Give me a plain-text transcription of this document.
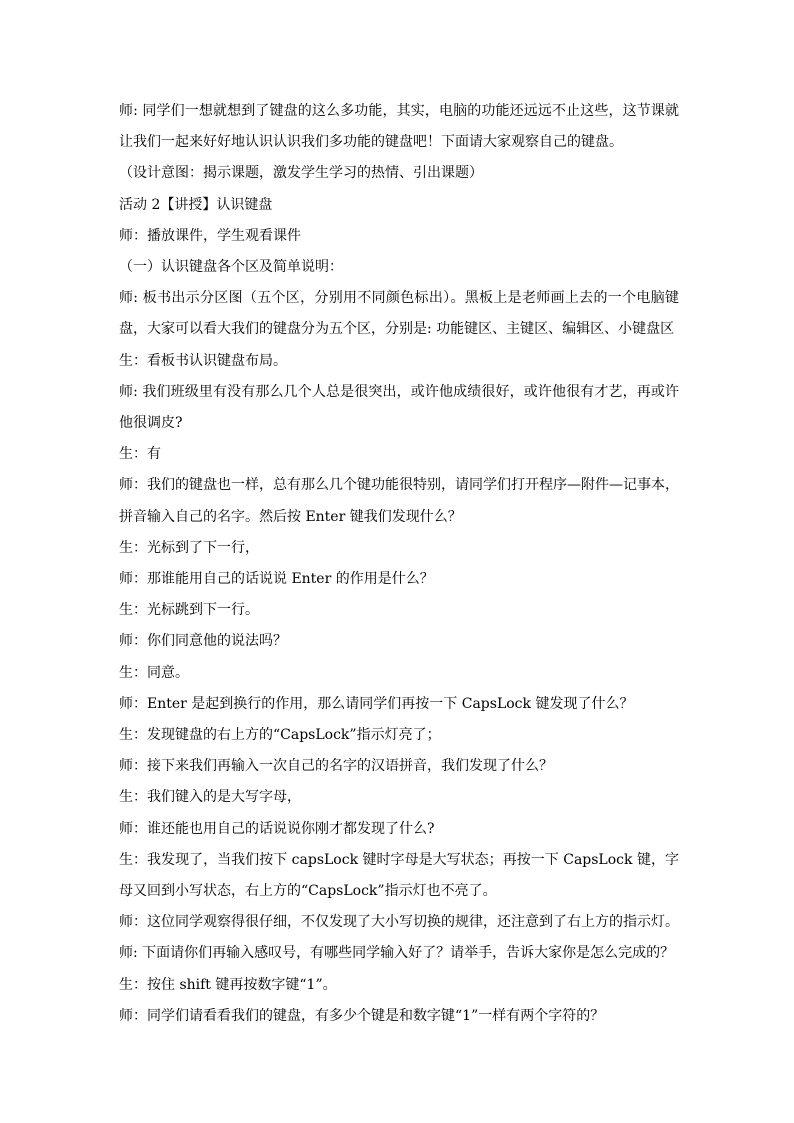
师: 同学们一想就想到了键盘的这么多功能，其实，电脑的功能还远远不止这些，这节课就让我们一起来好好地认识认识我们多功能的键盘吧！下面请大家观察自己的键盘。

（设计意图：揭示课题，激发学生学习的热情、引出课题）

活动 2【讲授】认识键盘

师：播放课件，学生观看课件

（一）认识键盘各个区及简单说明：

师: 板书出示分区图（五个区，分别用不同颜色标出）。黑板上是老师画上去的一个电脑键盘，大家可以看大我们的键盘分为五个区，分别是: 功能键区、主键区、编辑区、小键盘区

生：看板书认识键盘布局。

师: 我们班级里有没有那么几个人总是很突出，或许他成绩很好，或许他很有才艺，再或许他很调皮?

生：有

师：我们的键盘也一样，总有那么几个键功能很特别，请同学们打开程序—附件—记事本，拼音输入自己的名字。然后按 Enter 键我们发现什么？

生：光标到了下一行，

师：那谁能用自己的话说说 Enter 的作用是什么？

生：光标跳到下一行。

师：你们同意他的说法吗？

生：同意。

师：Enter 是起到换行的作用，那么请同学们再按一下 CapsLock 键发现了什么？

生：发现键盘的右上方的“CapsLock”指示灯亮了；

师：接下来我们再输入一次自己的名字的汉语拼音，我们发现了什么？

生：我们键入的是大写字母，

师：谁还能也用自己的话说说你刚才都发现了什么?

生：我发现了，当我们按下 capsLock 键时字母是大写状态；再按一下 CapsLock 键，字母又回到小写状态，右上方的“CapsLock”指示灯也不亮了。

师：这位同学观察得很仔细，不仅发现了大小写切换的规律，还注意到了右上方的指示灯。

师: 下面请你们再输入感叹号，有哪些同学输入好了？请举手，告诉大家你是怎么完成的？

生：按住 shift 键再按数字键“1”。

师：同学们请看看我们的键盘，有多少个键是和数字键“1”一样有两个字符的？
